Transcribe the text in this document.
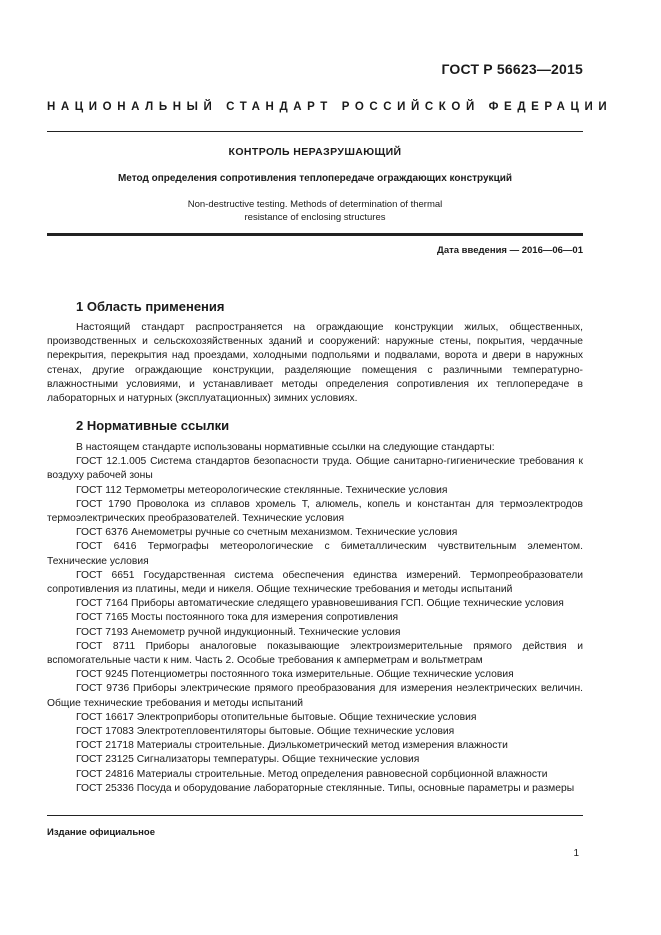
ГОСТ Р 56623—2015
НАЦИОНАЛЬНЫЙ СТАНДАРТ РОССИЙСКОЙ ФЕДЕРАЦИИ
КОНТРОЛЬ НЕРАЗРУШАЮЩИЙ
Метод определения сопротивления теплопередаче ограждающих конструкций
Non-destructive testing. Methods of determination of thermal
resistance of enclosing structures
Дата введения — 2016—06—01
1 Область применения

Настоящий стандарт распространяется на ограждающие конструкции жилых, общественных, производственных и сельскохозяйственных зданий и сооружений: наружные стены, покрытия, чердачные перекрытия, перекрытия над проездами, холодными подпольями и подвалами, ворота и двери в наружных стенах, другие ограждающие конструкции, разделяющие помещения с различными температурно-влажностными условиями, и устанавливает методы определения сопротивления их теплопередаче в лабораторных и натурных (эксплуатационных) зимних условиях.

2 Нормативные ссылки

В настоящем стандарте использованы нормативные ссылки на следующие стандарты:

ГОСТ 12.1.005 Система стандартов безопасности труда. Общие санитарно-гигиенические требования к воздуху рабочей зоны

ГОСТ 112 Термометры метеорологические стеклянные. Технические условия

ГОСТ 1790 Проволока из сплавов хромель Т, алюмель, копель и константан для термоэлектродов термоэлектрических преобразователей. Технические условия

ГОСТ 6376 Анемометры ручные со счетным механизмом. Технические условия

ГОСТ 6416 Термографы метеорологические с биметаллическим чувствительным элементом. Технические условия

ГОСТ 6651 Государственная система обеспечения единства измерений. Термопреобразователи сопротивления из платины, меди и никеля. Общие технические требования и методы испытаний

ГОСТ 7164 Приборы автоматические следящего уравновешивания ГСП. Общие технические условия

ГОСТ 7165 Мосты постоянного тока для измерения сопротивления

ГОСТ 7193 Анемометр ручной индукционный. Технические условия

ГОСТ 8711 Приборы аналоговые показывающие электроизмерительные прямого действия и вспомогательные части к ним. Часть 2. Особые требования к амперметрам и вольтметрам

ГОСТ 9245 Потенциометры постоянного тока измерительные. Общие технические условия

ГОСТ 9736 Приборы электрические прямого преобразования для измерения неэлектрических величин. Общие технические требования и методы испытаний

ГОСТ 16617 Электроприборы отопительные бытовые. Общие технические условия

ГОСТ 17083 Электротепловентиляторы бытовые. Общие технические условия

ГОСТ 21718 Материалы строительные. Диэлькометрический метод измерения влажности

ГОСТ 23125 Сигнализаторы температуры. Общие технические условия

ГОСТ 24816 Материалы строительные. Метод определения равновесной сорбционной влажности

ГОСТ 25336 Посуда и оборудование лабораторные стеклянные. Типы, основные параметры и размеры

Издание официальное
1
